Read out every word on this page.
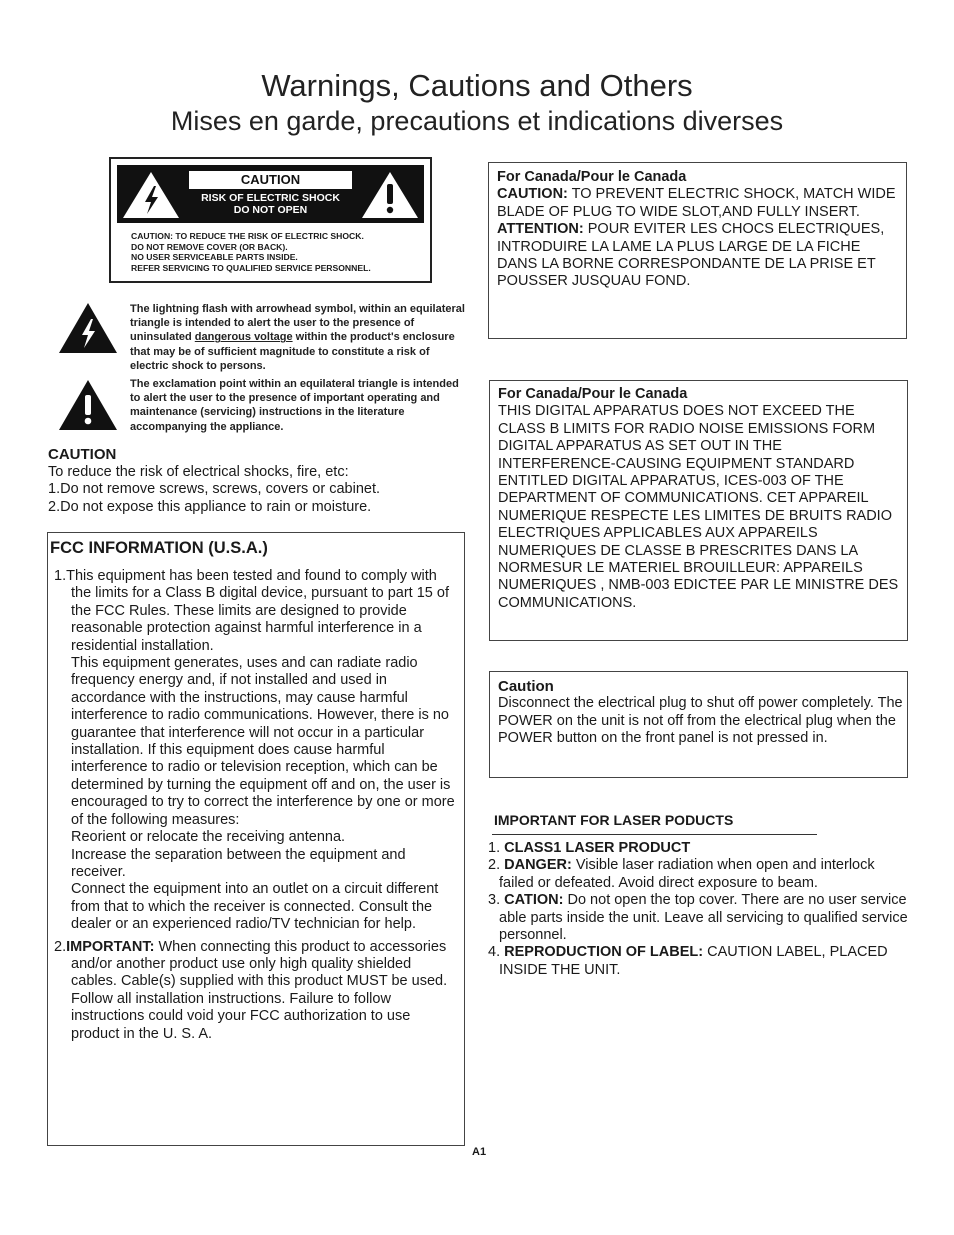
Warnings, Cautions and Others
Mises en garde, precautions et indications diverses
CAUTION
RISK OF ELECTRIC SHOCK
DO NOT OPEN
CAUTION: TO REDUCE THE RISK OF ELECTRIC SHOCK.
DO NOT REMOVE COVER (OR BACK).
NO USER SERVICEABLE PARTS INSIDE.
REFER SERVICING TO QUALIFIED SERVICE PERSONNEL.
The lightning flash with arrowhead symbol, within an equilateral triangle is intended to alert the user to the presence of uninsulated dangerous voltage within the product's enclosure that may be of sufficient magnitude to constitute a risk of electric shock to persons.
The exclamation point within an equilateral triangle is intended to alert the user to the presence of important operating and maintenance (servicing) instructions in the literature accompanying the appliance.
CAUTION
To reduce the risk of electrical shocks, fire, etc:
1.Do not remove screws, screws, covers or cabinet.
2.Do not expose this appliance to rain or moisture.
FCC INFORMATION (U.S.A.)

1.This equipment has been tested and found to comply with the limits for a Class B digital device, pursuant to part 15 of the FCC Rules. These limits are designed to provide reasonable protection against harmful interference in a residential installation.

This equipment generates, uses and can radiate radio frequency energy and, if not installed and used in accordance with the instructions, may cause harmful interference to radio communications. However, there is no guarantee that interference will not occur in a particular installation. If this equipment does cause harmful interference to radio or television reception, which can be determined by turning the equipment off and on, the user is encouraged to try to correct the interference by one or more of the following measures:

Reorient or relocate the receiving antenna.

Increase the separation between the equipment and receiver.

Connect the equipment into an outlet on a circuit different from that to which the receiver is connected. Consult the dealer or an experienced radio/TV technician for help.

2.IMPORTANT: When connecting this product to accessories and/or another product use only high quality shielded cables. Cable(s) supplied with this product MUST be used. Follow all installation instructions. Failure to follow instructions could void your FCC authorization to use product in the U. S. A.

For Canada/Pour le Canada

CAUTION: TO PREVENT ELECTRIC SHOCK, MATCH WIDE BLADE OF PLUG TO WIDE SLOT,AND FULLY INSERT.

ATTENTION: POUR EVITER LES CHOCS ELECTRIQUES, INTRODUIRE LA LAME LA PLUS LARGE DE LA FICHE DANS LA BORNE CORRESPONDANTE DE LA PRISE ET POUSSER JUSQUAU FOND.

For Canada/Pour le Canada

THIS DIGITAL APPARATUS DOES NOT EXCEED THE CLASS B LIMITS FOR RADIO NOISE EMISSIONS FORM DIGITAL APPARATUS AS SET OUT IN THE INTERFERENCE-CAUSING EQUIPMENT STANDARD ENTITLED DIGITAL APPARATUS, ICES-003 OF THE DEPARTMENT OF COMMUNICATIONS. CET APPAREIL NUMERIQUE RESPECTE LES LIMITES DE BRUITS RADIO ELECTRIQUES APPLICABLES AUX APPAREILS NUMERIQUES DE CLASSE B PRESCRITES DANS LA NORMESUR LE MATERIEL BROUILLEUR: APPAREILS NUMERIQUES , NMB-003 EDICTEE PAR LE MINISTRE DES COMMUNICATIONS.

Caution

Disconnect the electrical plug to shut off power completely. The POWER on the unit is not off from the electrical plug when the POWER button on the front panel is not pressed in.

IMPORTANT FOR LASER PODUCTS

1. CLASS1 LASER PRODUCT

2. DANGER: Visible laser radiation when open and interlock failed or defeated. Avoid direct exposure to beam.

3. CATION: Do not open the top cover. There are no user service able parts inside the unit. Leave all servicing to qualified service personnel.

4. REPRODUCTION OF LABEL: CAUTION LABEL, PLACED INSIDE THE UNIT.

A1
